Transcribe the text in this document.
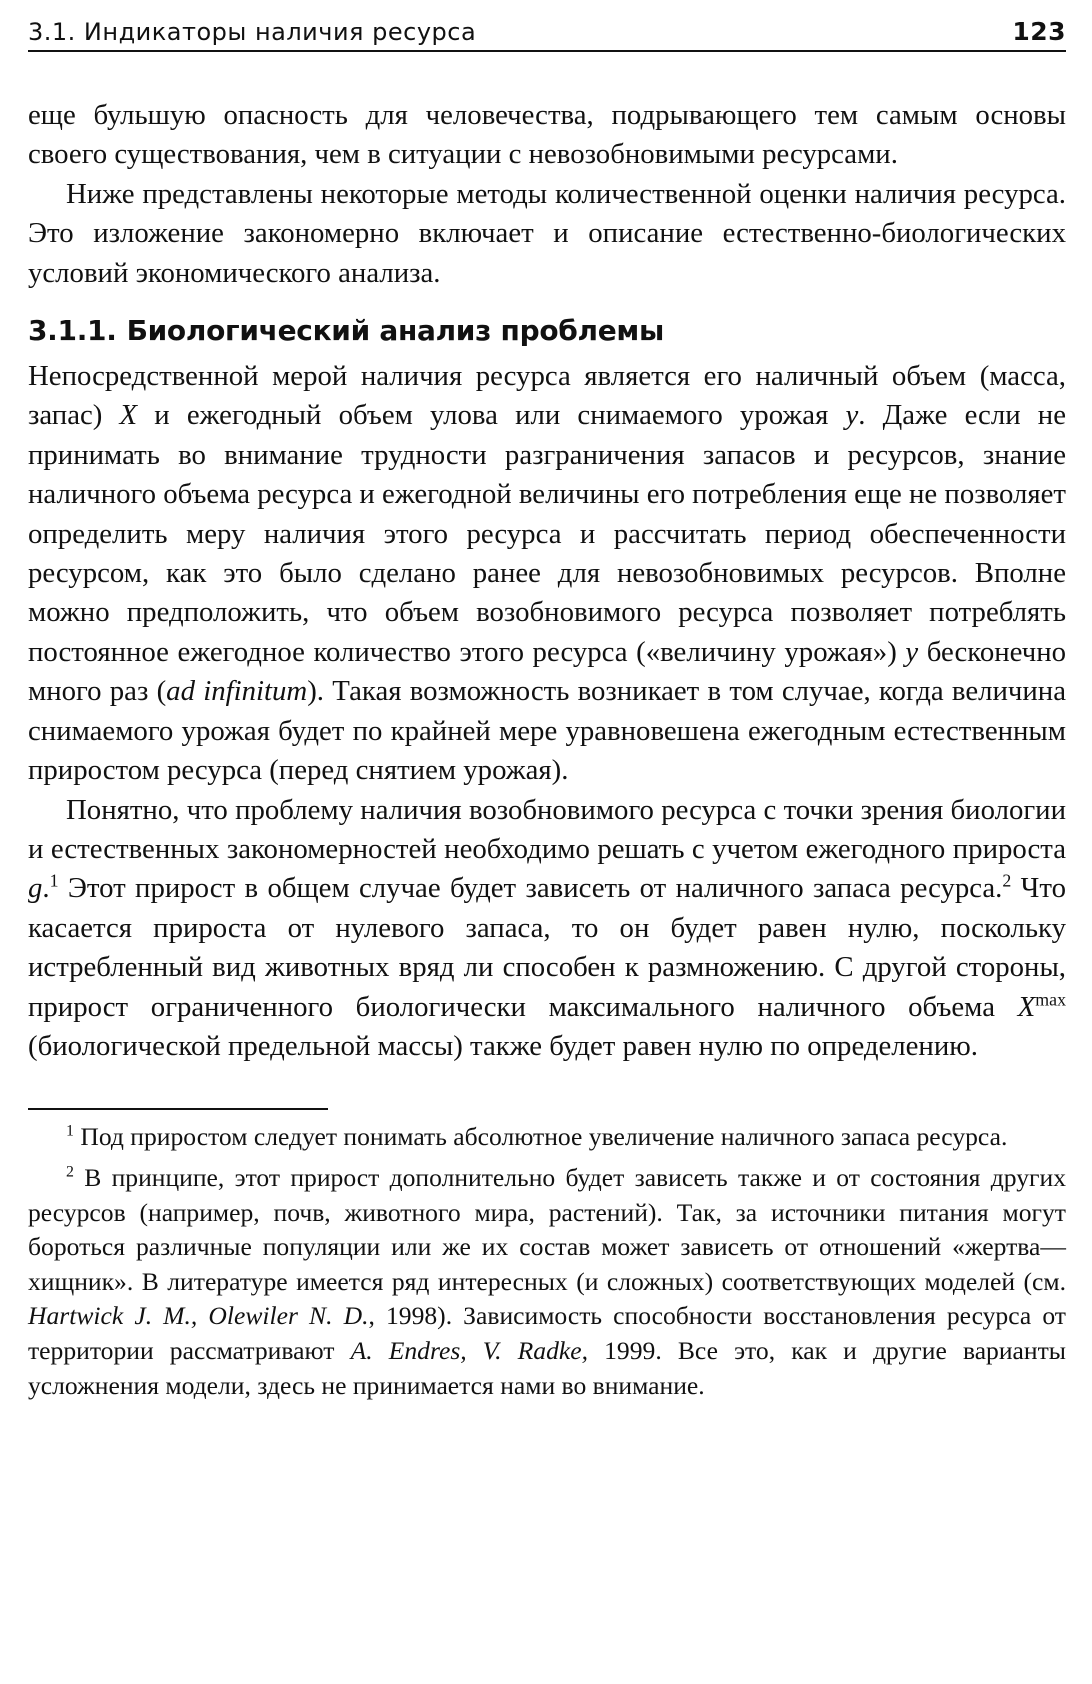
3.1. Индикаторы наличия ресурса	123

еще бульшую опасность для человечества, подрывающего тем самым основы своего существования, чем в ситуации с невозобновимыми ресурсами.

Ниже представлены некоторые методы количественной оценки наличия ресурса. Это изложение закономерно включает и описание естественно-биологических условий экономического анализа.

3.1.1. Биологический анализ проблемы

Непосредственной мерой наличия ресурса является его наличный объем (масса, запас) X и ежегодный объем улова или снимаемого урожая y. Даже если не принимать во внимание трудности разграничения запасов и ресурсов, знание наличного объема ресурса и ежегодной величины его потребления еще не позволяет определить меру наличия этого ресурса и рассчитать период обеспеченности ресурсом, как это было сделано ранее для невозобновимых ресурсов. Вполне можно предположить, что объем возобновимого ресурса позволяет потреблять постоянное ежегодное количество этого ресурса («величину урожая») y бесконечно много раз (ad infinitum). Такая возможность возникает в том случае, когда величина снимаемого урожая будет по крайней мере уравновешена ежегодным естественным приростом ресурса (перед снятием урожая).

Понятно, что проблему наличия возобновимого ресурса с точки зрения биологии и естественных закономерностей необходимо решать с учетом ежегодного прироста g.$^1$ Этот прирост в общем случае будет зависеть от наличного запаса ресурса.$^2$ Что касается прироста от нулевого запаса, то он будет равен нулю, поскольку истребленный вид животных вряд ли способен к размножению. С другой стороны, прирост ограниченного биологически максимального наличного объема $X^{max}$ (биологической предельной массы) также будет равен нулю по определению.

$^1$ Под приростом следует понимать абсолютное увеличение наличного запаса ресурса.

$^2$ В принципе, этот прирост дополнительно будет зависеть также и от состояния других ресурсов (например, почв, животного мира, растений). Так, за источники питания могут бороться различные популяции или же их состав может зависеть от отношений «жертва—хищник». В литературе имеется ряд интересных (и сложных) соответствующих моделей (см. Hartwick J. M., Olewiler N. D., 1998). Зависимость способности восстановления ресурса от территории рассматривают A. Endres, V. Radke, 1999. Все это, как и другие варианты усложнения модели, здесь не принимается нами во внимание.
